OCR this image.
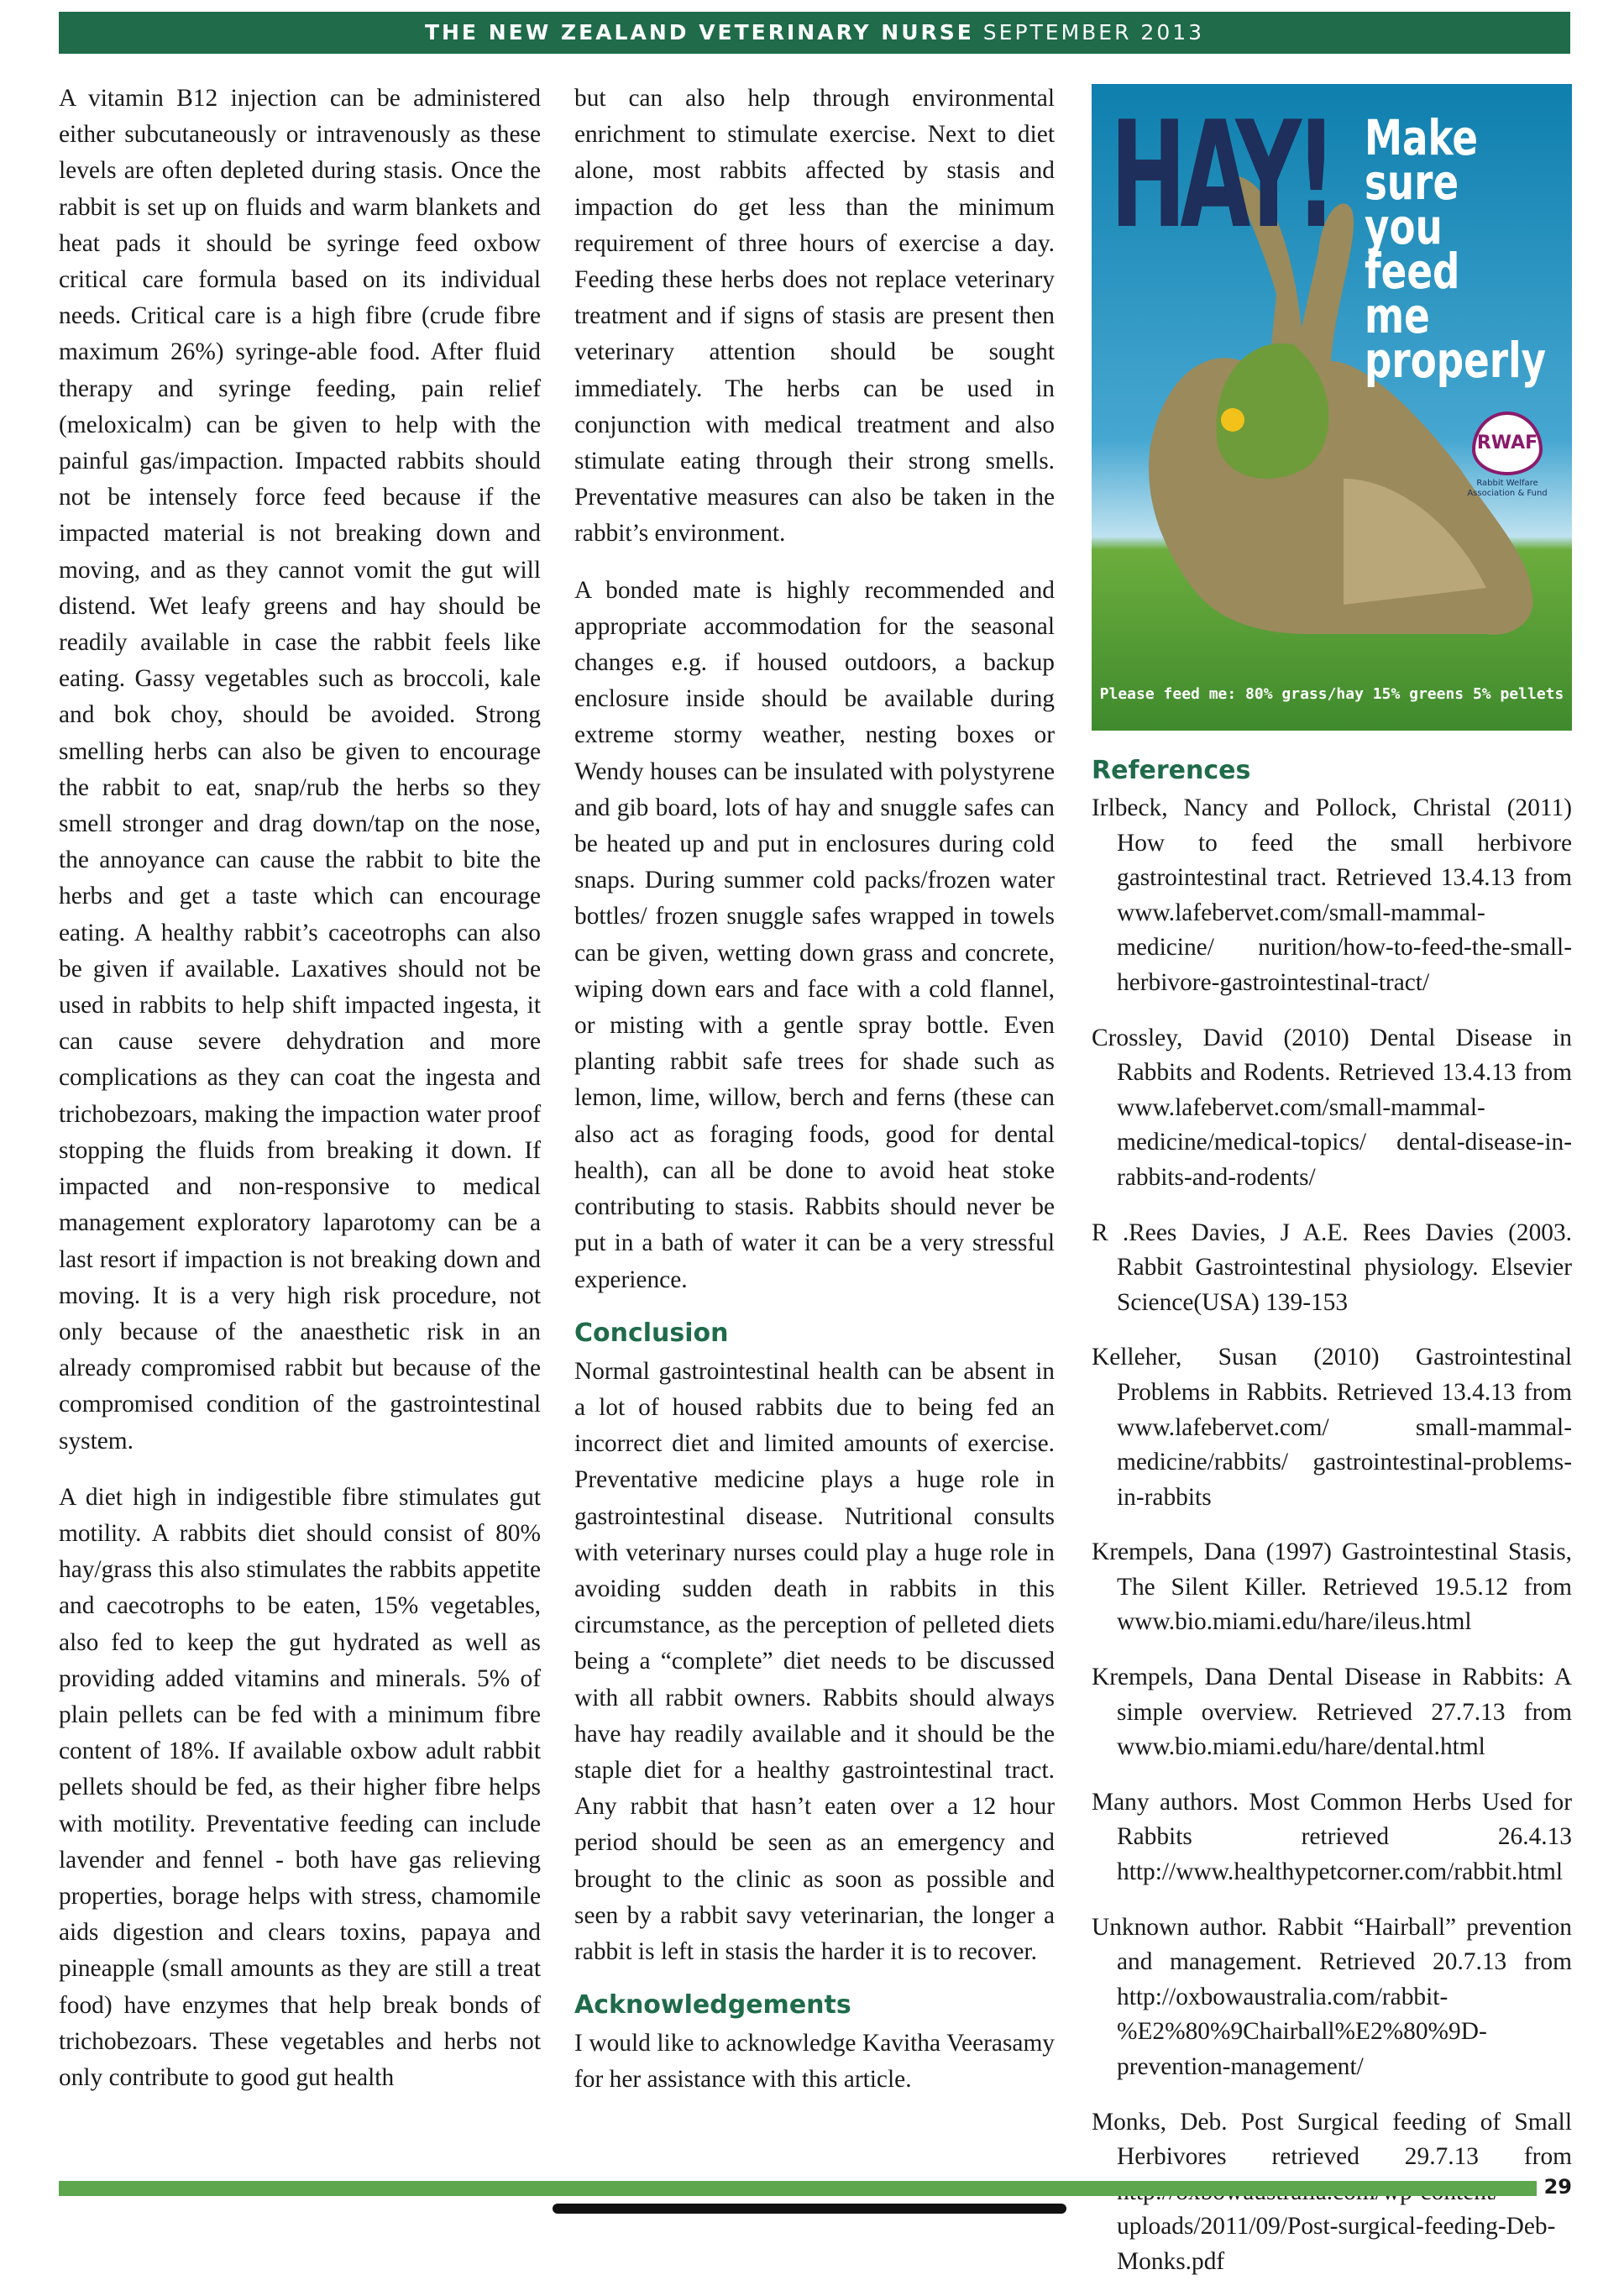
THE NEW ZEALAND VETERINARY NURSE SEPTEMBER 2013

A vitamin B12 injection can be administered either subcutaneously or intravenously as these levels are often depleted during stasis. Once the rabbit is set up on fluids and warm blankets and heat pads it should be syringe feed oxbow critical care formula based on its individual needs. Critical care is a high fibre (crude fibre maximum 26%) syringe-able food. After fluid therapy and syringe feeding, pain relief (meloxicalm) can be given to help with the painful gas/impaction. Impacted rabbits should not be intensely force feed because if the impacted material is not breaking down and moving, and as they cannot vomit the gut will distend. Wet leafy greens and hay should be readily available in case the rabbit feels like eating. Gassy vegetables such as broccoli, kale and bok choy, should be avoided. Strong smelling herbs can also be given to encourage the rabbit to eat, snap/rub the herbs so they smell stronger and drag down/tap on the nose, the annoyance can cause the rabbit to bite the herbs and get a taste which can encourage eating. A healthy rabbit’s caceotrophs can also be given if available. Laxatives should not be used in rabbits to help shift impacted ingesta, it can cause severe dehydration and more complications as they can coat the ingesta and trichobezoars, making the impaction water proof stopping the fluids from breaking it down. If impacted and non-responsive to medical management exploratory laparotomy can be a last resort if impaction is not breaking down and moving. It is a very high risk procedure, not only because of the anaesthetic risk in an already compromised rabbit but because of the compromised condition of the gastrointestinal system.

A diet high in indigestible fibre stimulates gut motility. A rabbits diet should consist of 80% hay/grass this also stimulates the rabbits appetite and caecotrophs to be eaten, 15% vegetables, also fed to keep the gut hydrated as well as providing added vitamins and minerals. 5% of plain pellets can be fed with a minimum fibre content of 18%. If available oxbow adult rabbit pellets should be fed, as their higher fibre helps with motility. Preventative feeding can include lavender and fennel - both have gas relieving properties, borage helps with stress, chamomile aids digestion and clears toxins, papaya and pineapple (small amounts as they are still a treat food) have enzymes that help break bonds of trichobezoars. These vegetables and herbs not only contribute to good gut health

but can also help through environmental enrichment to stimulate exercise. Next to diet alone, most rabbits affected by stasis and impaction do get less than the minimum requirement of three hours of exercise a day. Feeding these herbs does not replace veterinary treatment and if signs of stasis are present then veterinary attention should be sought immediately. The herbs can be used in conjunction with medical treatment and also stimulate eating through their strong smells. Preventative measures can also be taken in the rabbit’s environment.

A bonded mate is highly recommended and appropriate accommodation for the seasonal changes e.g. if housed outdoors, a backup enclosure inside should be available during extreme stormy weather, nesting boxes or Wendy houses can be insulated with polystyrene and gib board, lots of hay and snuggle safes can be heated up and put in enclosures during cold snaps. During summer cold packs/frozen water bottles/ frozen snuggle safes wrapped in towels can be given, wetting down grass and concrete, wiping down ears and face with a cold flannel, or misting with a gentle spray bottle. Even planting rabbit safe trees for shade such as lemon, lime, willow, berch and ferns (these can also act as foraging foods, good for dental health), can all be done to avoid heat stoke contributing to stasis. Rabbits should never be put in a bath of water it can be a very stressful experience.

Conclusion

Normal gastrointestinal health can be absent in a lot of housed rabbits due to being fed an incorrect diet and limited amounts of exercise. Preventative medicine plays a huge role in gastrointestinal disease. Nutritional consults with veterinary nurses could play a huge role in avoiding sudden death in rabbits in this circumstance, as the perception of pelleted diets being a “complete” diet needs to be discussed with all rabbit owners. Rabbits should always have hay readily available and it should be the staple diet for a healthy gastrointestinal tract. Any rabbit that hasn’t eaten over a 12 hour period should be seen as an emergency and brought to the clinic as soon as possible and seen by a rabbit savy veterinarian, the longer a rabbit is left in stasis the harder it is to recover.

Acknowledgements

I would like to acknowledge Kavitha Veerasamy for her assistance with this article.

HAY! Make sure you feed me properly
RWAF
Rabbit Welfare Association & Fund
Please feed me: 80% grass/hay 15% greens 5% pellets
References

Irlbeck, Nancy and Pollock, Christal (2011) How to feed the small herbivore gastrointestinal tract. Retrieved 13.4.13 from www.lafebervet.com/small-mammal-medicine/ nurition/how-to-feed-the-small-herbivore-gastrointestinal-tract/

Crossley, David (2010) Dental Disease in Rabbits and Rodents. Retrieved 13.4.13 from www.lafebervet.com/small-mammal-medicine/medical-topics/ dental-disease-in-rabbits-and-rodents/

R .Rees Davies, J A.E. Rees Davies (2003. Rabbit Gastrointestinal physiology. Elsevier Science(USA) 139-153

Kelleher, Susan (2010) Gastrointestinal Problems in Rabbits. Retrieved 13.4.13 from www.lafebervet.com/ small-mammal-medicine/rabbits/ gastrointestinal-problems-in-rabbits

Krempels, Dana (1997) Gastrointestinal Stasis, The Silent Killer. Retrieved 19.5.12 from www.bio.miami.edu/hare/ileus.html

Krempels, Dana Dental Disease in Rabbits: A simple overview. Retrieved 27.7.13 from www.bio.miami.edu/hare/dental.html

Many authors. Most Common Herbs Used for Rabbits retrieved 26.4.13 http://www.healthypetcorner.com/rabbit.html

Unknown author. Rabbit “Hairball” prevention and management. Retrieved 20.7.13 from http://oxbowaustralia.com/rabbit-%E2%80%9Chairball%E2%80%9D-prevention-management/

Monks, Deb. Post Surgical feeding of Small Herbivores retrieved 29.7.13 from uploads/2011/09/Post-surgical-feeding-Deb-Monks.pdf

29
